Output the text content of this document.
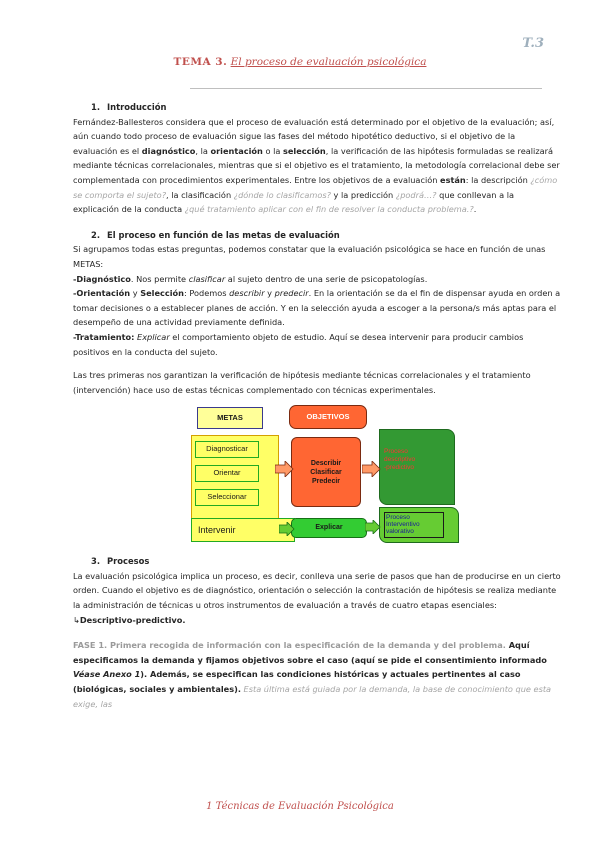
T.3
TEMA 3. El proceso de evaluación psicológica
1. Introducción

Fernández-Ballesteros considera que el proceso de evaluación está determinado por el objetivo de la evaluación; así, aún cuando todo proceso de evaluación sigue las fases del método hipotético deductivo, si el objetivo de la evaluación es el diagnóstico, la orientación o la selección, la verificación de las hipótesis formuladas se realizará mediante técnicas correlacionales, mientras que si el objetivo es el tratamiento, la metodología correlacional debe ser complementada con procedimientos experimentales. Entre los objetivos de a evaluación están: la descripción ¿cómo se comporta el sujeto?, la clasificación ¿dónde lo clasificamos? y la predicción ¿podrá…? que conllevan a la explicación de la conducta ¿qué tratamiento aplicar con el fin de resolver la conducta problema.?.

2. El proceso en función de las metas de evaluación

Si agrupamos todas estas preguntas, podemos constatar que la evaluación psicológica se hace en función de unas METAS:

-Diagnóstico. Nos permite clasificar al sujeto dentro de una serie de psicopatologías.

-Orientación y Selección: Podemos describir y predecir. En la orientación se da el fin de dispensar ayuda en orden a tomar decisiones o a establecer planes de acción. Y en la selección ayuda a escoger a la persona/s más aptas para el desempeño de una actividad previamente definida.

-Tratamiento: Explicar el comportamiento objeto de estudio. Aquí se desea intervenir para producir cambios positivos en la conducta del sujeto.

Las tres primeras nos garantizan la verificación de hipótesis mediante técnicas correlacionales y el tratamiento (intervención) hace uso de estas técnicas complementado con técnicas experimentales.

METAS	OBJETIVOS
Diagnosticar
Orientar
Seleccionar
Intervenir
Describir
Clasificar
Predecir
Explicar
Proceso
descriptivo
-predictivo
Proceso
Interventivo
valorativo
3. Procesos

La evaluación psicológica implica un proceso, es decir, conlleva una serie de pasos que han de producirse en un cierto orden. Cuando el objetivo es de diagnóstico, orientación o selección la contrastación de hipótesis se realiza mediante la administración de técnicas u otros instrumentos de evaluación a través de cuatro etapas esenciales:

↳Descriptivo-predictivo.

FASE 1. Primera recogida de información con la especificación de la demanda y del problema. Aquí especificamos la demanda y fijamos objetivos sobre el caso (aquí se pide el consentimiento informado Véase Anexo 1). Además, se especifican las condiciones históricas y actuales pertinentes al caso (biológicas, sociales y ambientales). Esta última está guiada por la demanda, la base de conocimiento que esta exige, las

1 Técnicas de Evaluación Psicológica
